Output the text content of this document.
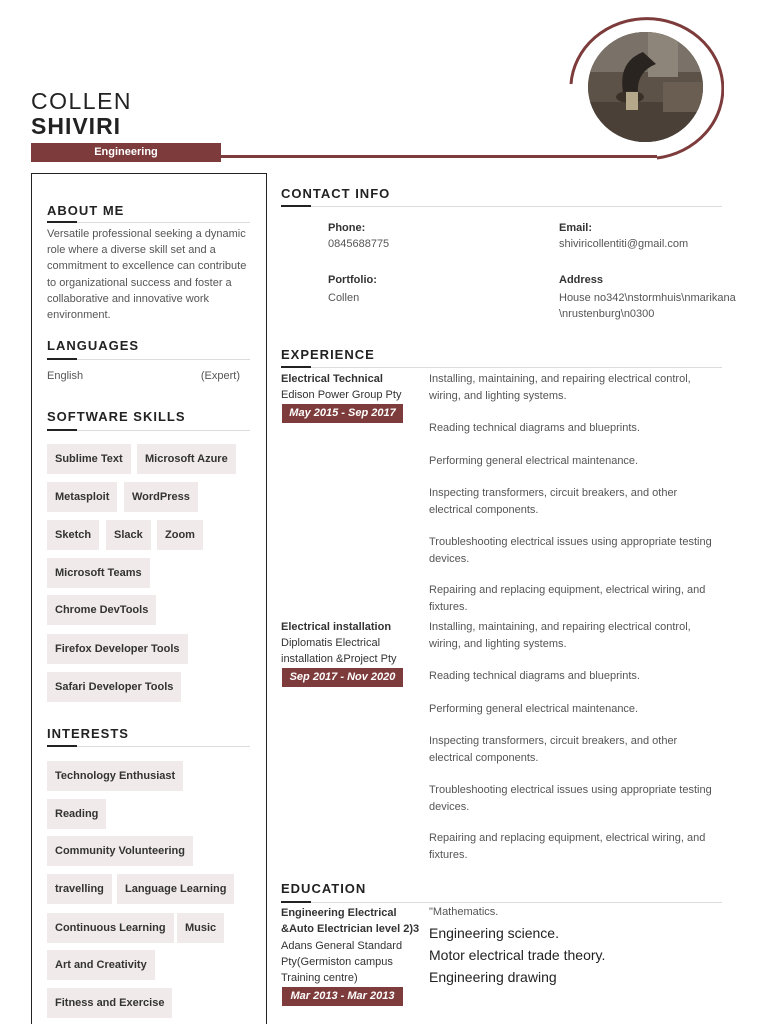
COLLEN
SHIVIRI
Engineering
ABOUT ME
Versatile professional seeking a dynamic role where a diverse skill set and a commitment to excellence can contribute to organizational success and foster a collaborative and innovative work environment.
LANGUAGES
English	(Expert)
SOFTWARE SKILLS
Sublime Text	Microsoft Azure
Metasploit	WordPress
Sketch	Slack	Zoom
Microsoft Teams
Chrome DevTools
Firefox Developer Tools
Safari Developer Tools
INTERESTS
Technology Enthusiast
Reading
Community Volunteering
travelling	Language Learning
Continuous Learning	Music
Art and Creativity
Fitness and Exercise
CONTACT INFO
Phone:
0845688775
Email:
shiviricollentiti@gmail.com
Portfolio:
Collen
Address
House no342\nstormhuis\nmarikana
\nrustenburg\n0300
EXPERIENCE
Electrical Technical
Edison Power Group Pty
May 2015 - Sep 2017
Installing, maintaining, and repairing electrical control, wiring, and lighting systems.
Reading technical diagrams and blueprints.
Performing general electrical maintenance.
Inspecting transformers, circuit breakers, and other electrical components.
Troubleshooting electrical issues using appropriate testing devices.
Repairing and replacing equipment, electrical wiring, and fixtures.
Electrical installation
Diplomatis Electrical installation &Project Pty
Sep 2017 - Nov 2020
Installing, maintaining, and repairing electrical control, wiring, and lighting systems.
Reading technical diagrams and blueprints.
Performing general electrical maintenance.
Inspecting transformers, circuit breakers, and other electrical components.
Troubleshooting electrical issues using appropriate testing devices.
Repairing and replacing equipment, electrical wiring, and fixtures.
EDUCATION
Engineering Electrical &Auto Electrician level 2)3
Adans General Standard Pty(Germiston campus Training centre)
Mar 2013 - Mar 2013
"Mathematics.
Engineering science.
Motor electrical trade theory.
Engineering drawing
